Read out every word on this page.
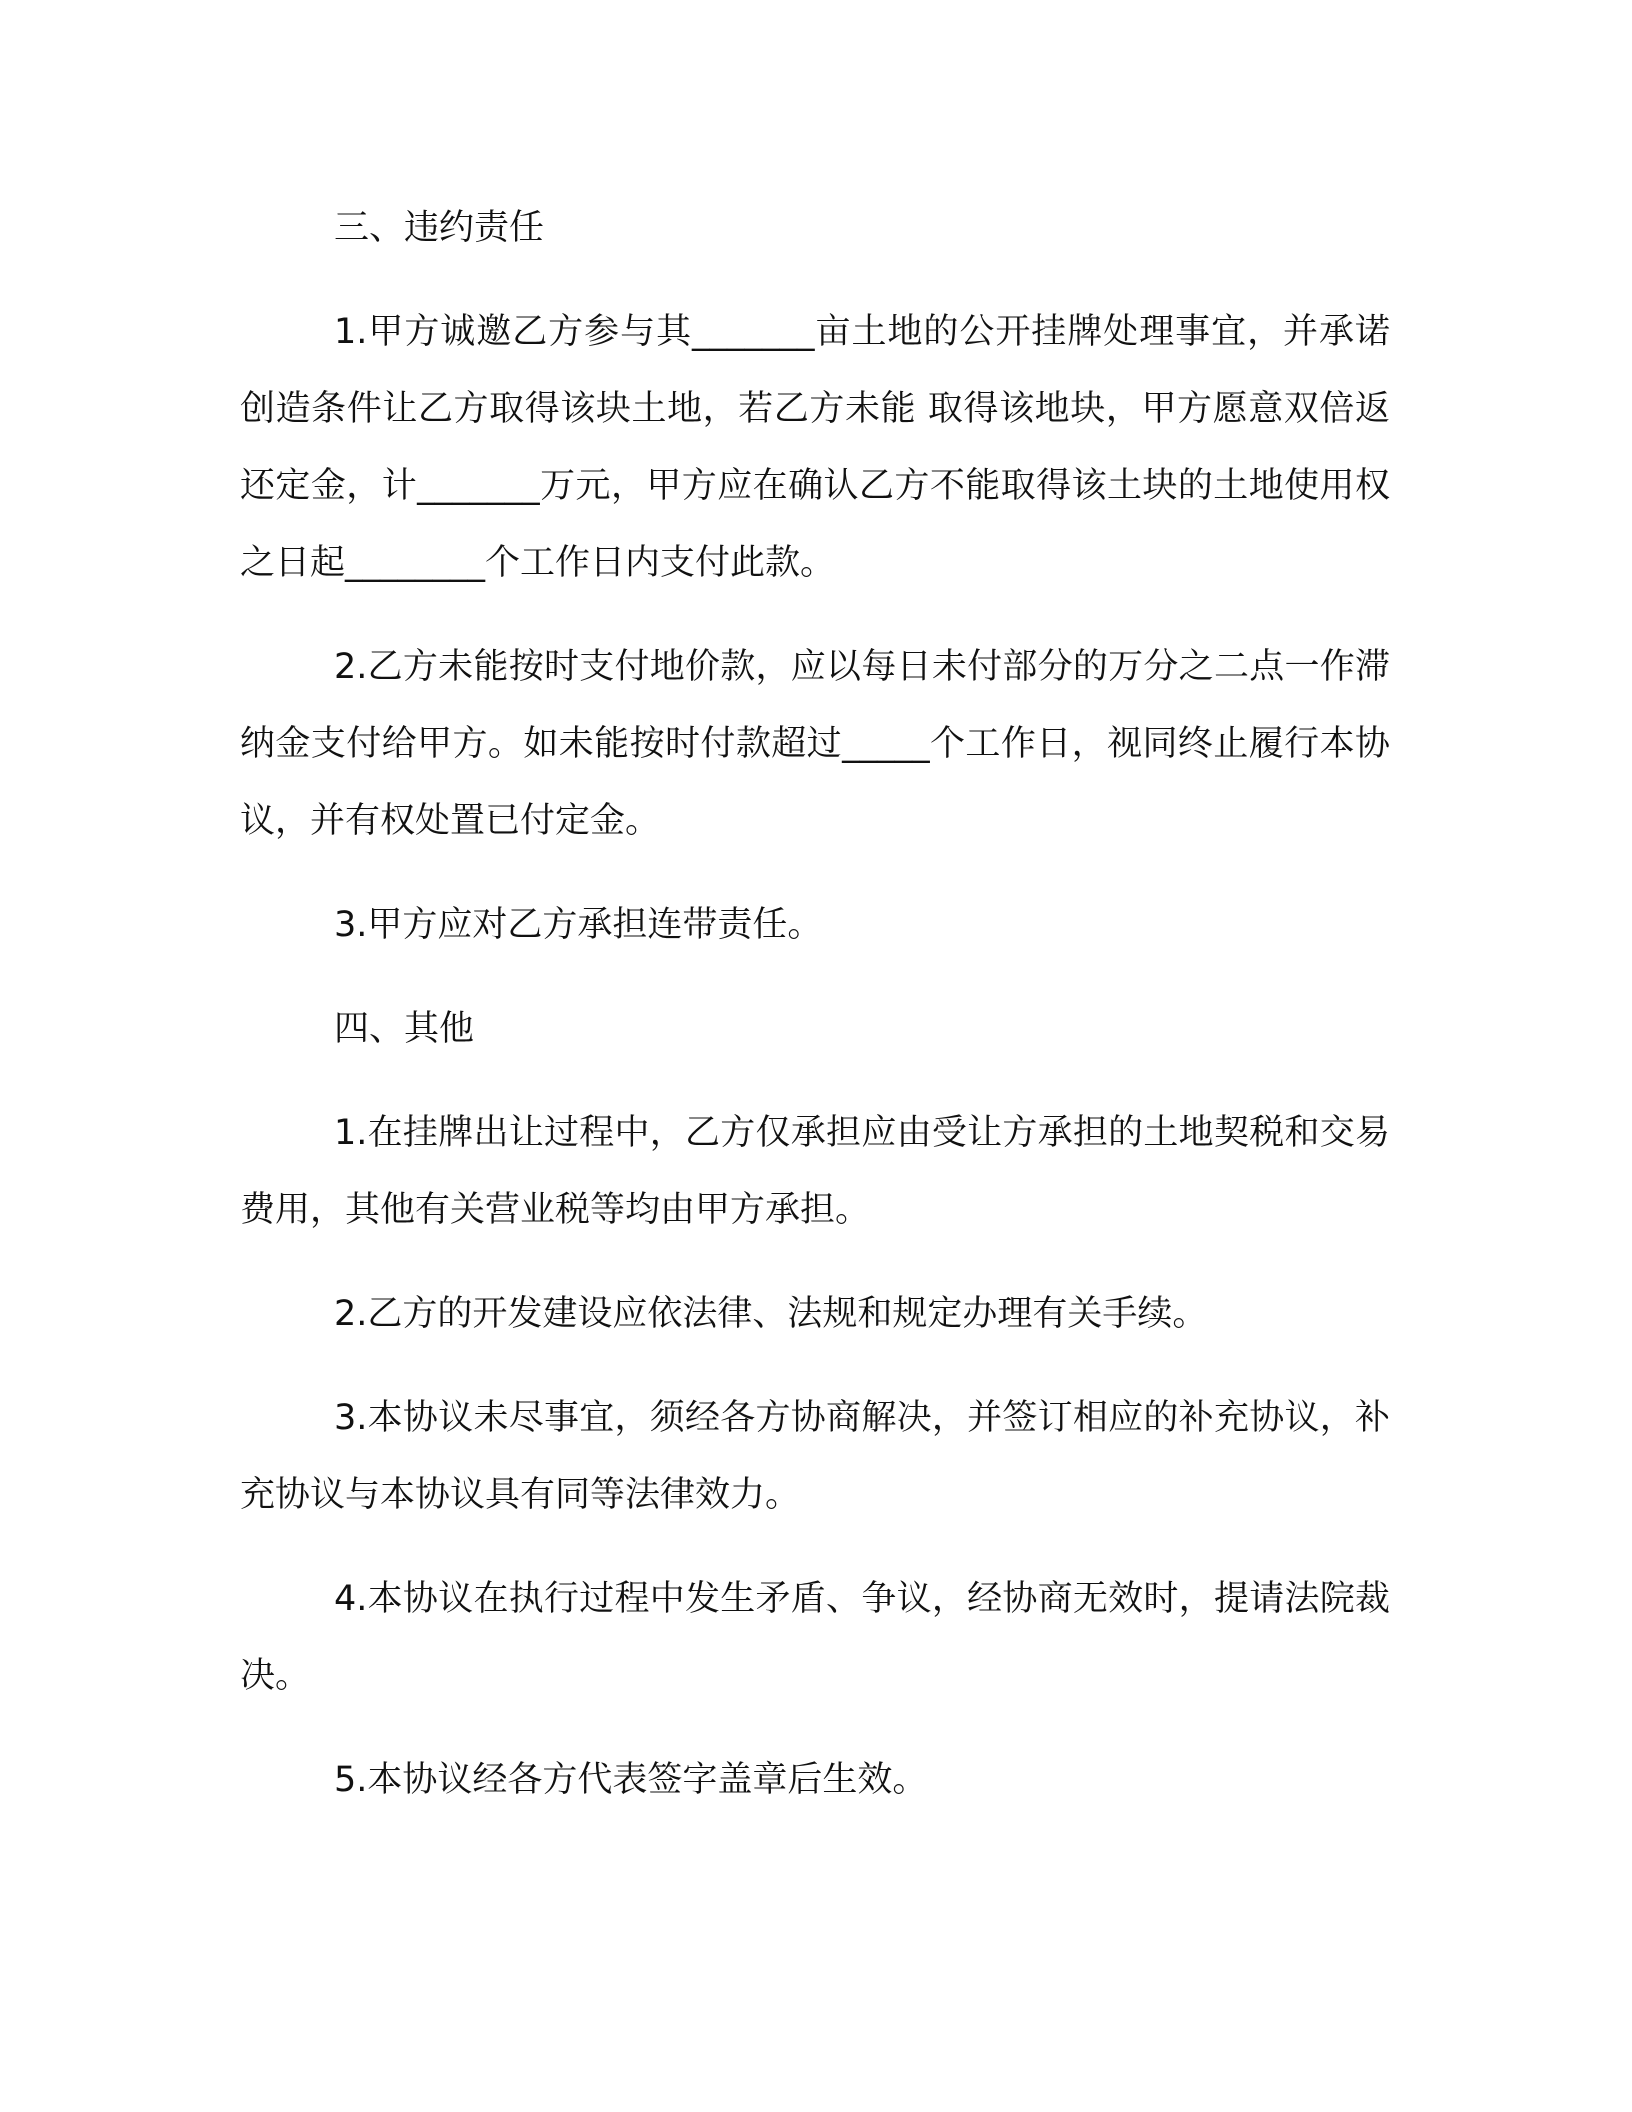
三、违约责任

1.甲方诚邀乙方参与其_______亩土地的公开挂牌处理事宜，并承诺创造条件让乙方取得该块土地，若乙方未能 取得该地块，甲方愿意双倍返还定金，计_______万元，甲方应在确认乙方不能取得该土块的土地使用权之日起________个工作日内支付此款。

2.乙方未能按时支付地价款，应以每日未付部分的万分之二点一作滞纳金支付给甲方。如未能按时付款超过_____个工作日，视同终止履行本协议，并有权处置已付定金。

3.甲方应对乙方承担连带责任。

四、其他

1.在挂牌出让过程中，乙方仅承担应由受让方承担的土地契税和交易费用，其他有关营业税等均由甲方承担。

2.乙方的开发建设应依法律、法规和规定办理有关手续。

3.本协议未尽事宜，须经各方协商解决，并签订相应的补充协议，补充协议与本协议具有同等法律效力。

4.本协议在执行过程中发生矛盾、争议，经协商无效时，提请法院裁决。

5.本协议经各方代表签字盖章后生效。
